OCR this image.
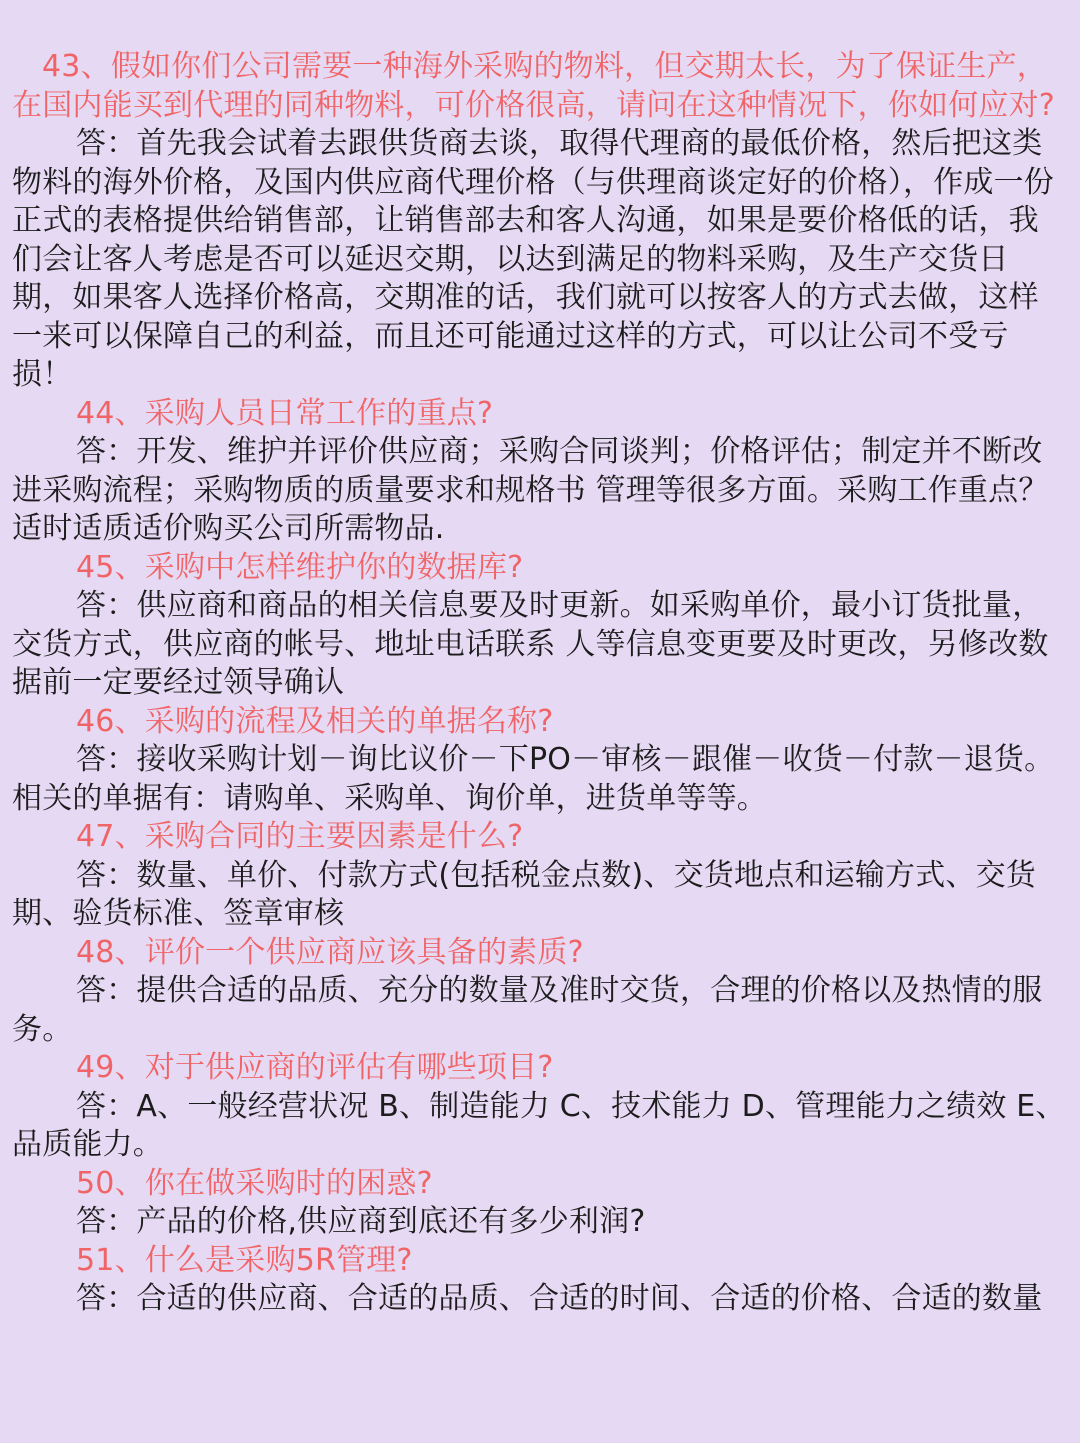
43、假如你们公司需要一种海外采购的物料，但交期太长，为了保证生产，在国内能买到代理的同种物料，可价格很高，请问在这种情况下，你如何应对?

答：首先我会试着去跟供货商去谈，取得代理商的最低价格，然后把这类物料的海外价格，及国内供应商代理价格（与供理商谈定好的价格），作成一份正式的表格提供给销售部，让销售部去和客人沟通，如果是要价格低的话，我们会让客人考虑是否可以延迟交期，以达到满足的物料采购，及生产交货日期，如果客人选择价格高，交期准的话，我们就可以按客人的方式去做，这样一来可以保障自己的利益，而且还可能通过这样的方式，可以让公司不受亏损！

44、采购人员日常工作的重点?

答：开发、维护并评价供应商；采购合同谈判；价格评估；制定并不断改进采购流程；采购物质的质量要求和规格书 管理等很多方面。采购工作重点？适时适质适价购买公司所需物品.

45、采购中怎样维护你的数据库?

答：供应商和商品的相关信息要及时更新。如采购单价，最小订货批量，交货方式，供应商的帐号、地址电话联系 人等信息变更要及时更改，另修改数据前一定要经过领导确认

46、采购的流程及相关的单据名称?

答：接收采购计划－询比议价－下PO－审核－跟催－收货－付款－退货。相关的单据有：请购单、采购单、询价单，进货单等等。

47、采购合同的主要因素是什么?

答：数量、单价、付款方式(包括税金点数)、交货地点和运输方式、交货期、验货标准、签章审核

48、评价一个供应商应该具备的素质?

答：提供合适的品质、充分的数量及准时交货，合理的价格以及热情的服务。

49、对于供应商的评估有哪些项目?

答：A、一般经营状况 B、制造能力 C、技术能力 D、管理能力之绩效 E、品质能力。

50、你在做采购时的困惑?

答：产品的价格,供应商到底还有多少利润?

51、什么是采购5R管理?

答：合适的供应商、合适的品质、合适的时间、合适的价格、合适的数量
